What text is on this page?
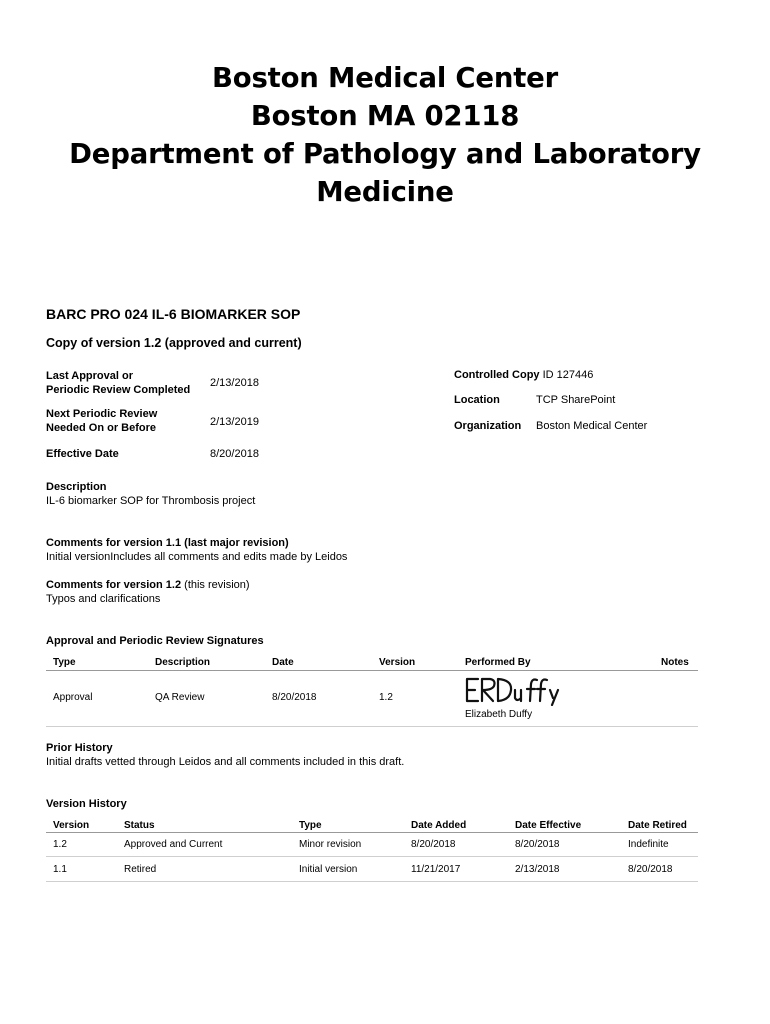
Boston Medical Center
Boston MA 02118
Department of Pathology and Laboratory
Medicine
BARC PRO 024 IL-6 BIOMARKER SOP
Copy of version 1.2 (approved and current)
Last Approval or
Periodic Review Completed
2/13/2018
Next Periodic Review
Needed On or Before	2/13/2019
Effective Date	8/20/2018
Controlled Copy ID 127446
Location	TCP SharePoint
Organization Boston Medical Center
Description
IL-6 biomarker SOP for Thrombosis project
Comments for version 1.1 (last major revision)
Initial versionIncludes all comments and edits made by Leidos
Comments for version 1.2 (this revision)
Typos and clarifications
Approval and Periodic Review Signatures
Type	Description	Date	Version	Performed By	Notes
Approval	QA Review	8/20/2018	1.2
Elizabeth Duffy
Prior History
Initial drafts vetted through Leidos and all comments included in this draft.
Version History
Version	Status	Type	Date Added	Date Effective	Date Retired
1.2	Approved and Current	Minor revision	8/20/2018	8/20/2018	Indefinite
1.1	Retired	Initial version	11/21/2017	2/13/2018	8/20/2018
